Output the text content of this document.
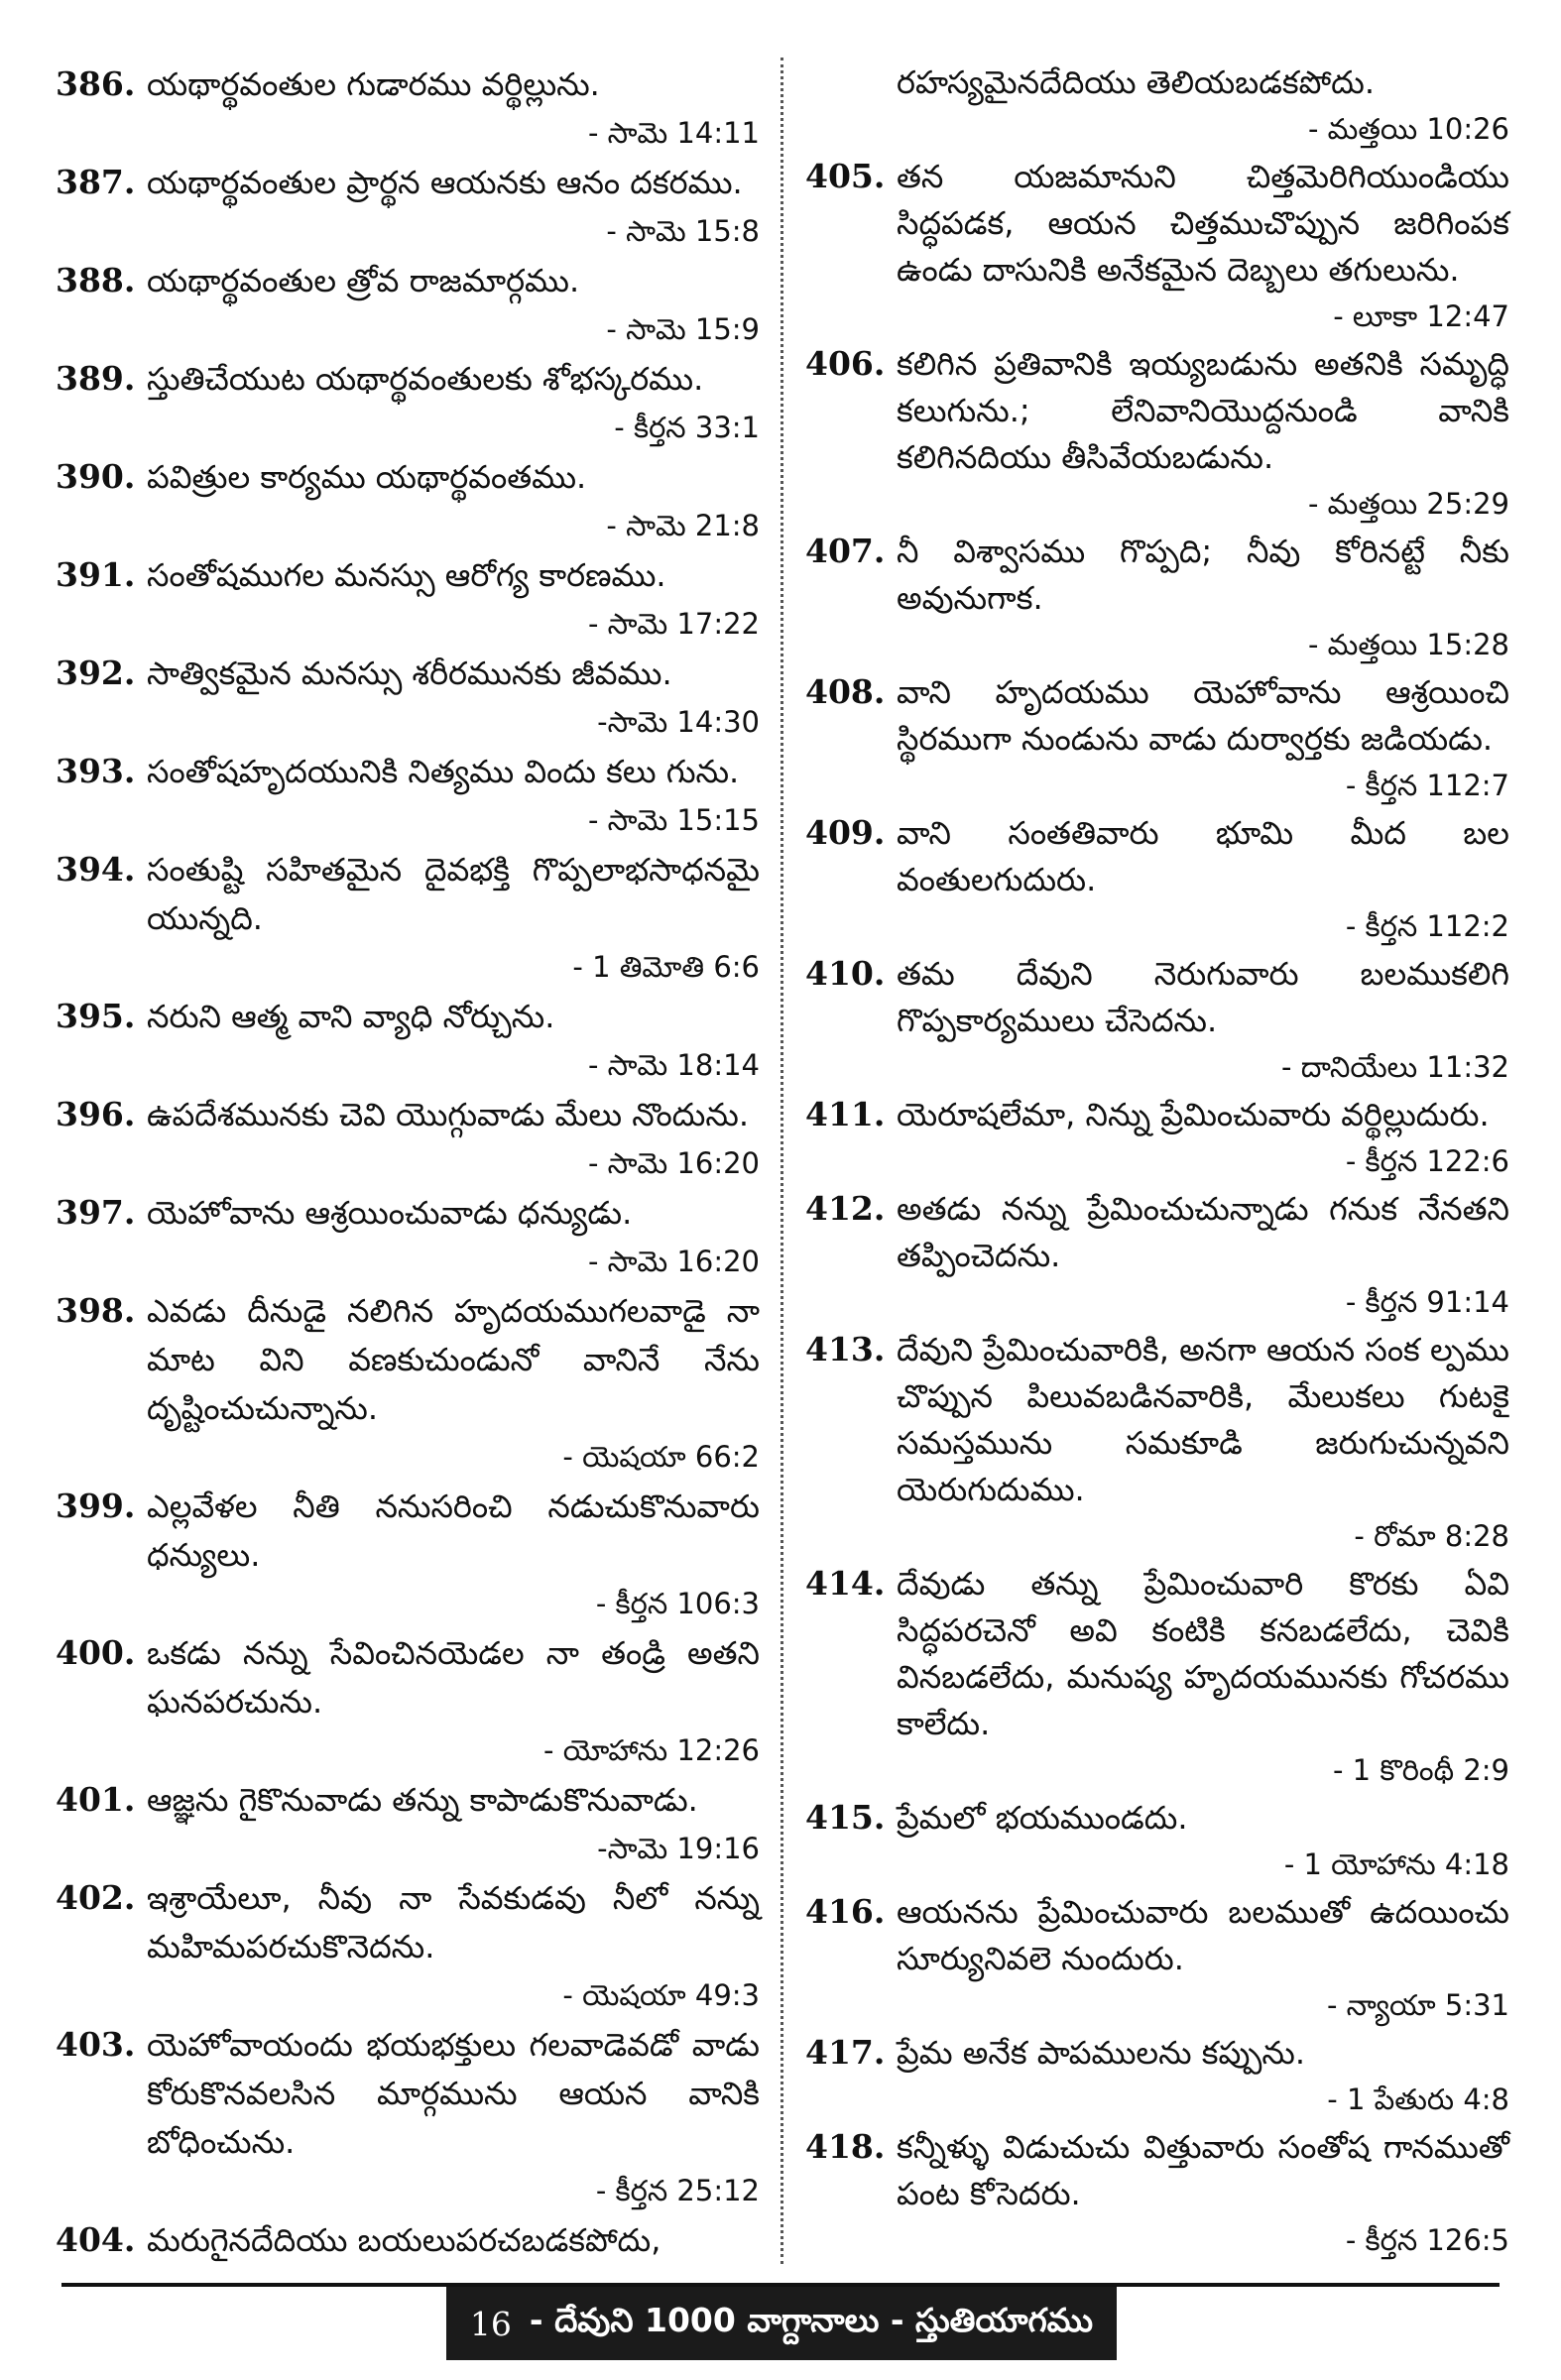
386. యథార్థవంతుల గుడారము వర్థిల్లును.
- సామె 14:11
387. యథార్థవంతుల ప్రార్థన ఆయనకు ఆనం దకరము.
- సామె 15:8
388. యథార్థవంతుల త్రోవ రాజమార్గము.
- సామె 15:9
389. స్తుతిచేయుట యథార్థవంతులకు శోభస్కరము.
- కీర్తన 33:1
390. పవిత్రుల కార్యము యథార్థవంతము.
- సామె 21:8
391. సంతోషముగల మనస్సు ఆరోగ్య కారణము.
- సామె 17:22
392. సాత్వికమైన మనస్సు శరీరమునకు జీవము.
-సామె 14:30
393. సంతోషహృదయునికి నిత్యము విందు కలు గును.
- సామె 15:15
394. సంతుష్టి సహితమైన దైవభక్తి గొప్పలాభసాధనమై యున్నది.
- 1 తిమోతి 6:6
395. నరుని ఆత్మ వాని వ్యాధి నోర్చును.
- సామె 18:14
396. ఉపదేశమునకు చెవి యొగ్గువాడు మేలు నొందును.
- సామె 16:20
397. యెహోవాను ఆశ్రయించువాడు ధన్యుడు.
- సామె 16:20
398. ఎవడు దీనుడై నలిగిన హృదయముగలవాడై నా మాట విని వణకుచుండునో వానినే నేను దృష్టించుచున్నాను.
- యెషయా 66:2
399. ఎల్లవేళల నీతి ననుసరించి నడుచుకొనువారు ధన్యులు.
- కీర్తన 106:3
400. ఒకడు నన్ను సేవించినయెడల నా తండ్రి అతని ఘనపరచును.
- యోహాను 12:26
401. ఆజ్ఞను గైకొనువాడు తన్ను కాపాడుకొనువాడు.
-సామె 19:16
402. ఇశ్రాయేలూ, నీవు నా సేవకుడవు నీలో నన్ను మహిమపరచుకొనెదను.
- యెషయా 49:3
403. యెహోవాయందు భయభక్తులు గలవాడెవడో వాడు కోరుకొనవలసిన మార్గమును ఆయన వానికి బోధించును.
- కీర్తన 25:12
404. మరుగైనదేదియు బయలుపరచబడకపోదు,
రహస్యమైనదేదియు తెలియబడకపోదు.
- మత్తయి 10:26
405. తన యజమానుని చిత్తమెరిగియుండియు సిద్ధపడక, ఆయన చిత్తముచొప్పున జరిగింపక ఉండు దాసునికి అనేకమైన దెబ్బలు తగులును.
- లూకా 12:47
406. కలిగిన ప్రతివానికి ఇయ్యబడును అతనికి సమృద్ధి కలుగును.; లేనివానియొద్దనుండి వానికి కలిగినదియు తీసివేయబడును.
- మత్తయి 25:29
407. నీ విశ్వాసము గొప్పది; నీవు కోరినట్టే నీకు అవునుగాక.
- మత్తయి 15:28
408. వాని హృదయము యెహోవాను ఆశ్రయించి స్థిరముగా నుండును వాడు దుర్వార్తకు జడియడు.
- కీర్తన 112:7
409. వాని సంతతివారు భూమి మీద బల వంతులగుదురు.
- కీర్తన 112:2
410. తమ దేవుని నెరుగువారు బలముకలిగి గొప్పకార్యములు చేసెదను.
- దానియేలు 11:32
411. యెరూషలేమా, నిన్ను ప్రేమించువారు వర్థిల్లుదురు.
- కీర్తన 122:6
412. అతడు నన్ను ప్రేమించుచున్నాడు గనుక నేనతని తప్పించెదను.
- కీర్తన 91:14
413. దేవుని ప్రేమించువారికి, అనగా ఆయన సంక ల్పము చొప్పున పిలువబడినవారికి, మేలుకలు గుటకై సమస్తమును సమకూడి జరుగుచున్నవని యెరుగుదుము.
- రోమా 8:28
414. దేవుడు తన్ను ప్రేమించువారి కొరకు ఏవి సిద్ధపరచెనో అవి కంటికి కనబడలేదు, చెవికి వినబడలేదు, మనుష్య హృదయమునకు గోచరము కాలేదు.
- 1 కొరింథీ 2:9
415. ప్రేమలో భయముండదు.
- 1 యోహాను 4:18
416. ఆయనను ప్రేమించువారు బలముతో ఉదయించు సూర్యునివలె నుందురు.
- న్యాయా 5:31
417. ప్రేమ అనేక పాపములను కప్పును.
- 1 పేతురు 4:8
418. కన్నీళ్ళు విడుచుచు విత్తువారు సంతోష గానముతో పంట కోసెదరు.
- కీర్తన 126:5
16 - దేవుని 1000 వాగ్దానాలు - స్తుతియాగము
